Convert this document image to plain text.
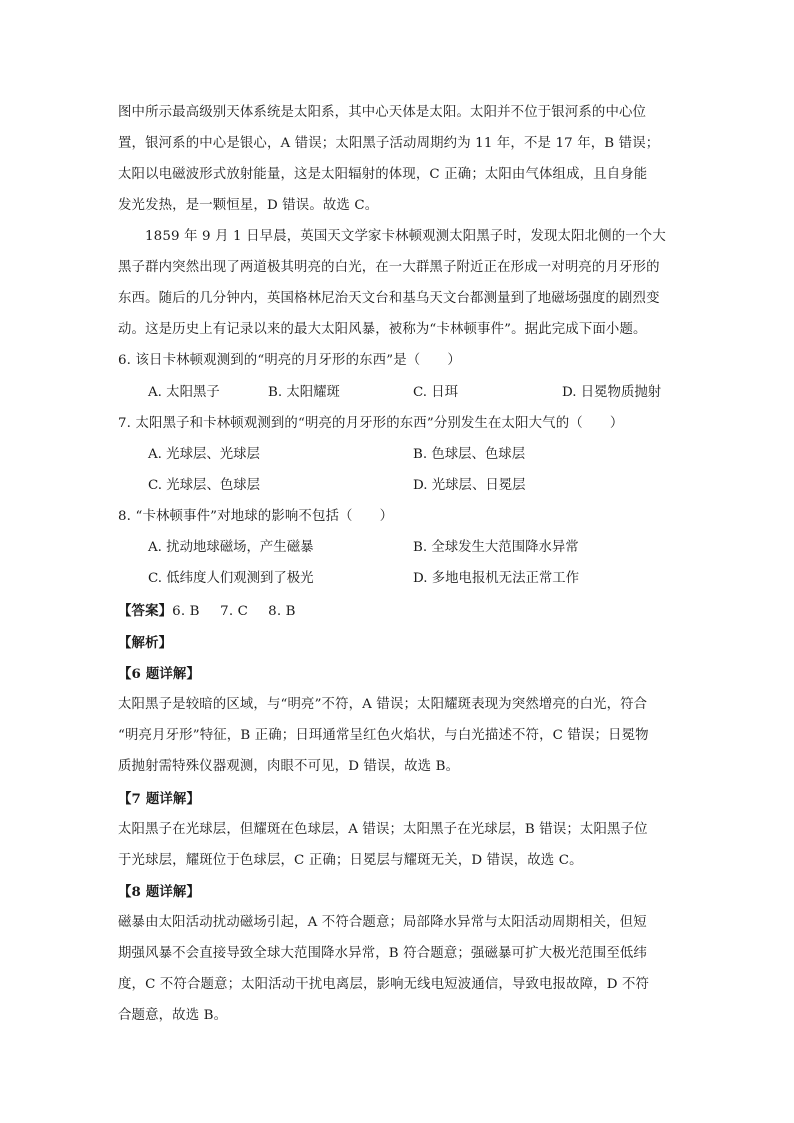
图中所示最高级别天体系统是太阳系，其中心天体是太阳。太阳并不位于银河系的中心位
置，银河系的中心是银心，A 错误；太阳黑子活动周期约为 11 年，不是 17 年，B 错误；
太阳以电磁波形式放射能量，这是太阳辐射的体现，C 正确；太阳由气体组成，且自身能
发光发热，是一颗恒星，D 错误。故选 C。
1859 年 9 月 1 日早晨，英国天文学家卡林顿观测太阳黑子时，发现太阳北侧的一个大
黑子群内突然出现了两道极其明亮的白光，在一大群黑子附近正在形成一对明亮的月牙形的
东西。随后的几分钟内，英国格林尼治天文台和基乌天文台都测量到了地磁场强度的剧烈变
动。这是历史上有记录以来的最大太阳风暴，被称为“卡林顿事件”。据此完成下面小题。
6. 该日卡林顿观测到的“明亮的月牙形的东西”是（　　）
A. 太阳黑子	B. 太阳耀斑	C. 日珥	D. 日冕物质抛射
7. 太阳黑子和卡林顿观测到的“明亮的月牙形的东西”分别发生在太阳大气的（　　）
A. 光球层、光球层	B. 色球层、色球层
C. 光球层、色球层	D. 光球层、日冕层
8. “卡林顿事件”对地球的影响不包括（　　）
A. 扰动地球磁场，产生磁暴	B. 全球发生大范围降水异常
C. 低纬度人们观测到了极光	D. 多地电报机无法正常工作
【答案】6. B 7. C 8. B
【解析】
【6 题详解】
太阳黑子是较暗的区域，与“明亮”不符，A 错误；太阳耀斑表现为突然增亮的白光，符合
“明亮月牙形”特征，B 正确；日珥通常呈红色火焰状，与白光描述不符，C 错误；日冕物
质抛射需特殊仪器观测，肉眼不可见，D 错误，故选 B。
【7 题详解】
太阳黑子在光球层，但耀斑在色球层，A 错误；太阳黑子在光球层，B 错误；太阳黑子位
于光球层，耀斑位于色球层，C 正确；日冕层与耀斑无关，D 错误，故选 C。
【8 题详解】
磁暴由太阳活动扰动磁场引起，A 不符合题意；局部降水异常与太阳活动周期相关，但短
期强风暴不会直接导致全球大范围降水异常，B 符合题意；强磁暴可扩大极光范围至低纬
度，C 不符合题意；太阳活动干扰电离层，影响无线电短波通信，导致电报故障，D 不符
合题意，故选 B。
